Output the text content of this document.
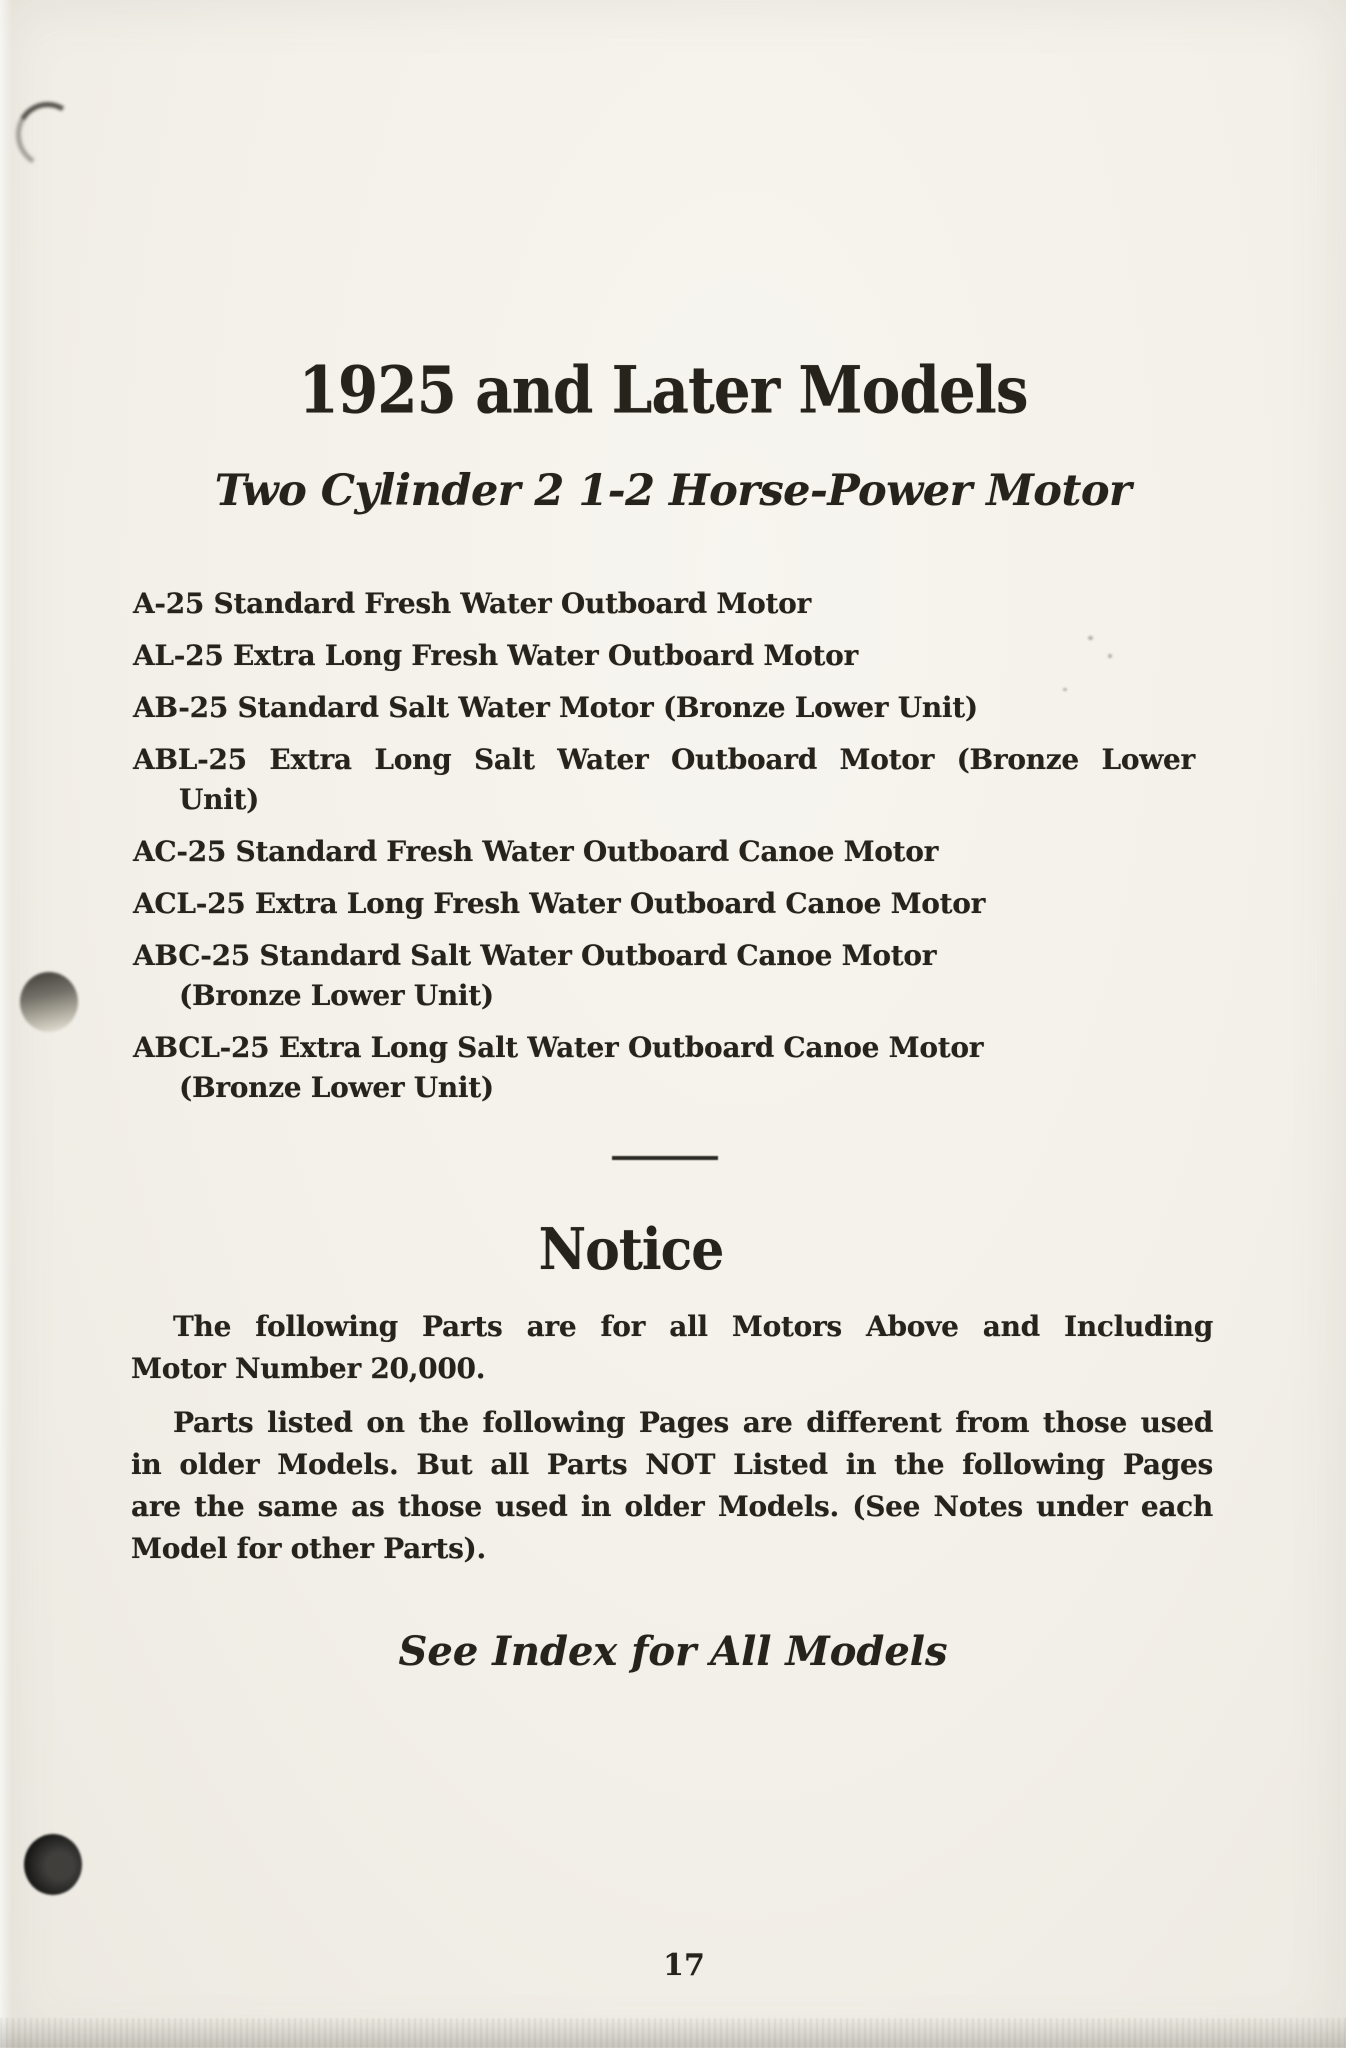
1925 and Later Models
Two Cylinder 2 1-2 Horse-Power Motor
A-25 Standard Fresh Water Outboard Motor
AL-25 Extra Long Fresh Water Outboard Motor
AB-25 Standard Salt Water Motor (Bronze Lower Unit)
ABL-25 Extra Long Salt Water Outboard Motor (Bronze Lower
Unit)
AC-25 Standard Fresh Water Outboard Canoe Motor
ACL-25 Extra Long Fresh Water Outboard Canoe Motor
ABC-25 Standard Salt Water Outboard Canoe Motor
(Bronze Lower Unit)
ABCL-25 Extra Long Salt Water Outboard Canoe Motor
(Bronze Lower Unit)
Notice
The following Parts are for all Motors Above and Including
Motor Number 20,000.
Parts listed on the following Pages are different from those used
in older Models. But all Parts NOT Listed in the following Pages
are the same as those used in older Models. (See Notes under each
Model for other Parts).
See Index for All Models
17
